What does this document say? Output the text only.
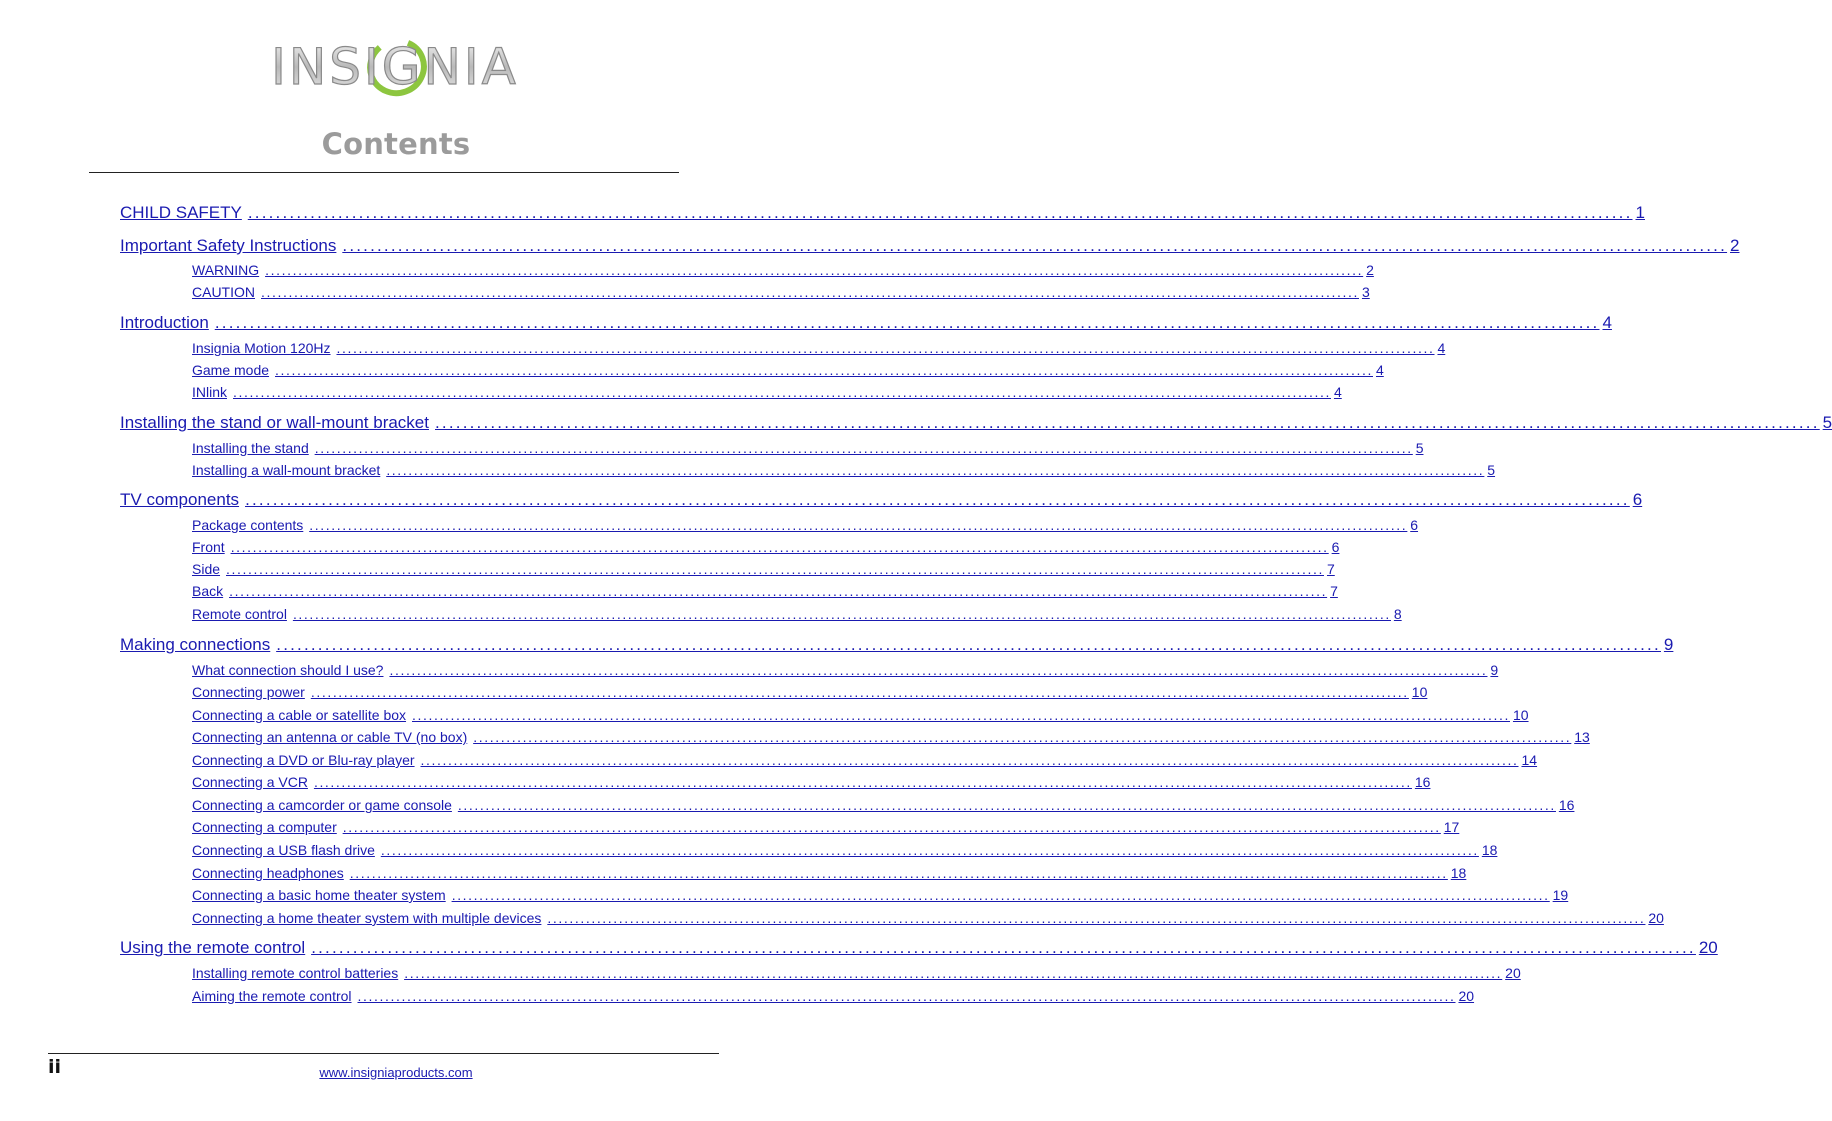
INSIGNIA
Contents
CHILD SAFETY ........................................................................................................................................................................................................ 1
Important Safety Instructions ........................................................................................................................................................................................................ 2
WARNING ........................................................................................................................................................................................................ 2
CAUTION ........................................................................................................................................................................................................ 3
Introduction ........................................................................................................................................................................................................ 4
Insignia Motion 120Hz ........................................................................................................................................................................................................ 4
Game mode ........................................................................................................................................................................................................ 4
INlink ........................................................................................................................................................................................................ 4
Installing the stand or wall-mount bracket ........................................................................................................................................................................................................ 5
Installing the stand ........................................................................................................................................................................................................ 5
Installing a wall-mount bracket ........................................................................................................................................................................................................ 5
TV components ........................................................................................................................................................................................................ 6
Package contents ........................................................................................................................................................................................................ 6
Front ........................................................................................................................................................................................................ 6
Side ........................................................................................................................................................................................................ 7
Back ........................................................................................................................................................................................................ 7
Remote control ........................................................................................................................................................................................................ 8
Making connections ........................................................................................................................................................................................................ 9
What connection should I use? ........................................................................................................................................................................................................ 9
Connecting power ........................................................................................................................................................................................................ 10
Connecting a cable or satellite box ........................................................................................................................................................................................................ 10
Connecting an antenna or cable TV (no box) ........................................................................................................................................................................................................ 13
Connecting a DVD or Blu-ray player ........................................................................................................................................................................................................ 14
Connecting a VCR ........................................................................................................................................................................................................ 16
Connecting a camcorder or game console ........................................................................................................................................................................................................ 16
Connecting a computer ........................................................................................................................................................................................................ 17
Connecting a USB flash drive ........................................................................................................................................................................................................ 18
Connecting headphones ........................................................................................................................................................................................................ 18
Connecting a basic home theater system ........................................................................................................................................................................................................ 19
Connecting a home theater system with multiple devices ........................................................................................................................................................................................................ 20
Using the remote control ........................................................................................................................................................................................................ 20
Installing remote control batteries ........................................................................................................................................................................................................ 20
Aiming the remote control ........................................................................................................................................................................................................ 20
ii	www.insigniaproducts.com
